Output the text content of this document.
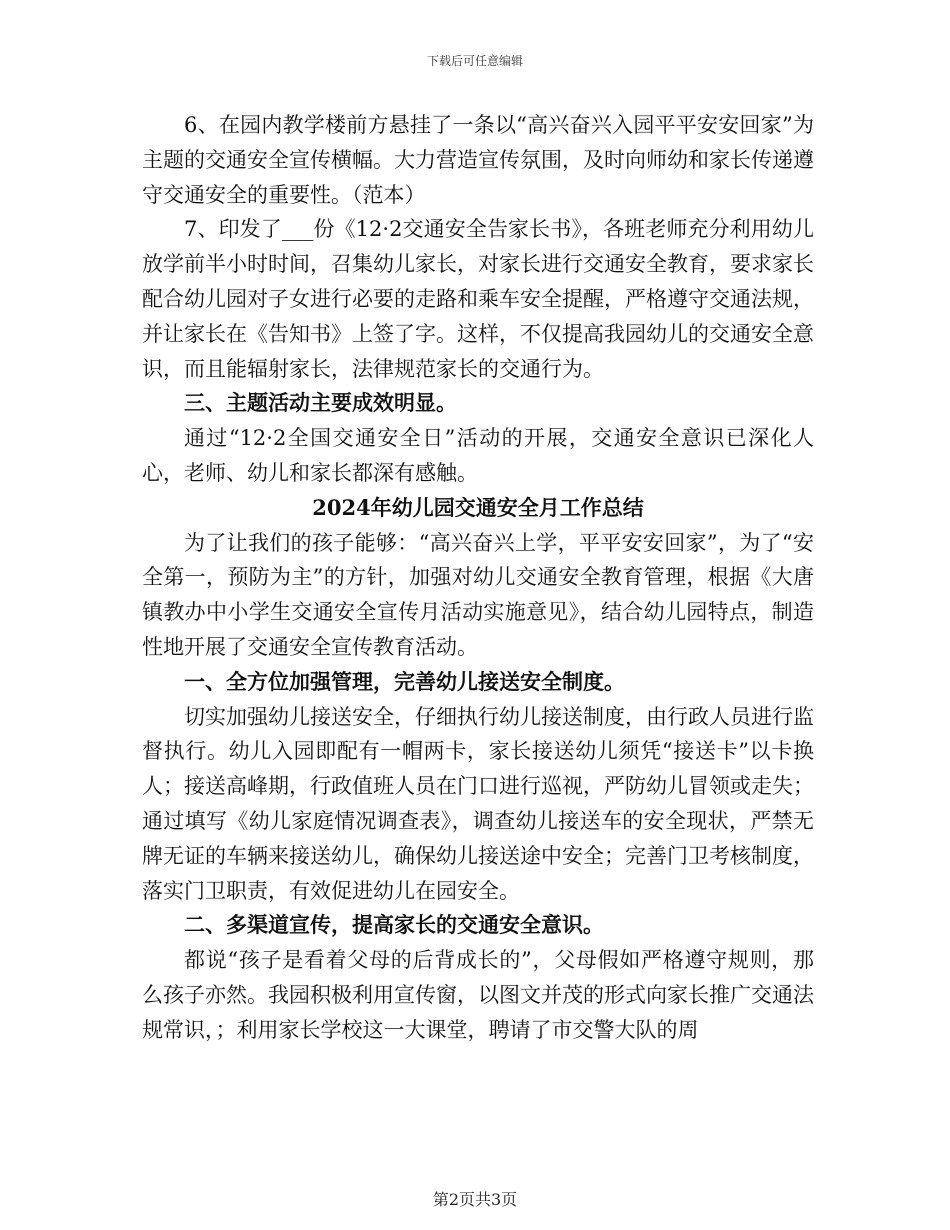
下载后可任意编辑

6、在园内教学楼前方悬挂了一条以“高兴奋兴入园平平安安回家”为主题的交通安全宣传横幅。大力营造宣传氛围，及时向师幼和家长传递遵守交通安全的重要性。（范本）

7、印发了___份《12·2交通安全告家长书》，各班老师充分利用幼儿放学前半小时时间，召集幼儿家长，对家长进行交通安全教育，要求家长配合幼儿园对子女进行必要的走路和乘车安全提醒，严格遵守交通法规，并让家长在《告知书》上签了字。这样，不仅提高我园幼儿的交通安全意识，而且能辐射家长，法律规范家长的交通行为。

三、主题活动主要成效明显。

通过“12·2全国交通安全日”活动的开展，交通安全意识已深化人心，老师、幼儿和家长都深有感触。

2024年幼儿园交通安全月工作总结

为了让我们的孩子能够：“高兴奋兴上学，平平安安回家”，为了“安全第一，预防为主”的方针，加强对幼儿交通安全教育管理，根据《大唐镇教办中小学生交通安全宣传月活动实施意见》，结合幼儿园特点，制造性地开展了交通安全宣传教育活动。

一、全方位加强管理，完善幼儿接送安全制度。

切实加强幼儿接送安全，仔细执行幼儿接送制度，由行政人员进行监督执行。幼儿入园即配有一帽两卡，家长接送幼儿须凭“接送卡”以卡换人；接送高峰期，行政值班人员在门口进行巡视，严防幼儿冒领或走失；通过填写《幼儿家庭情况调查表》，调查幼儿接送车的安全现状，严禁无牌无证的车辆来接送幼儿，确保幼儿接送途中安全；完善门卫考核制度，落实门卫职责，有效促进幼儿在园安全。

二、多渠道宣传，提高家长的交通安全意识。

都说“孩子是看着父母的后背成长的”，父母假如严格遵守规则，那么孩子亦然。我园积极利用宣传窗，以图文并茂的形式向家长推广交通法规常识，；利用家长学校这一大课堂，聘请了市交警大队的周

第2页共3页
